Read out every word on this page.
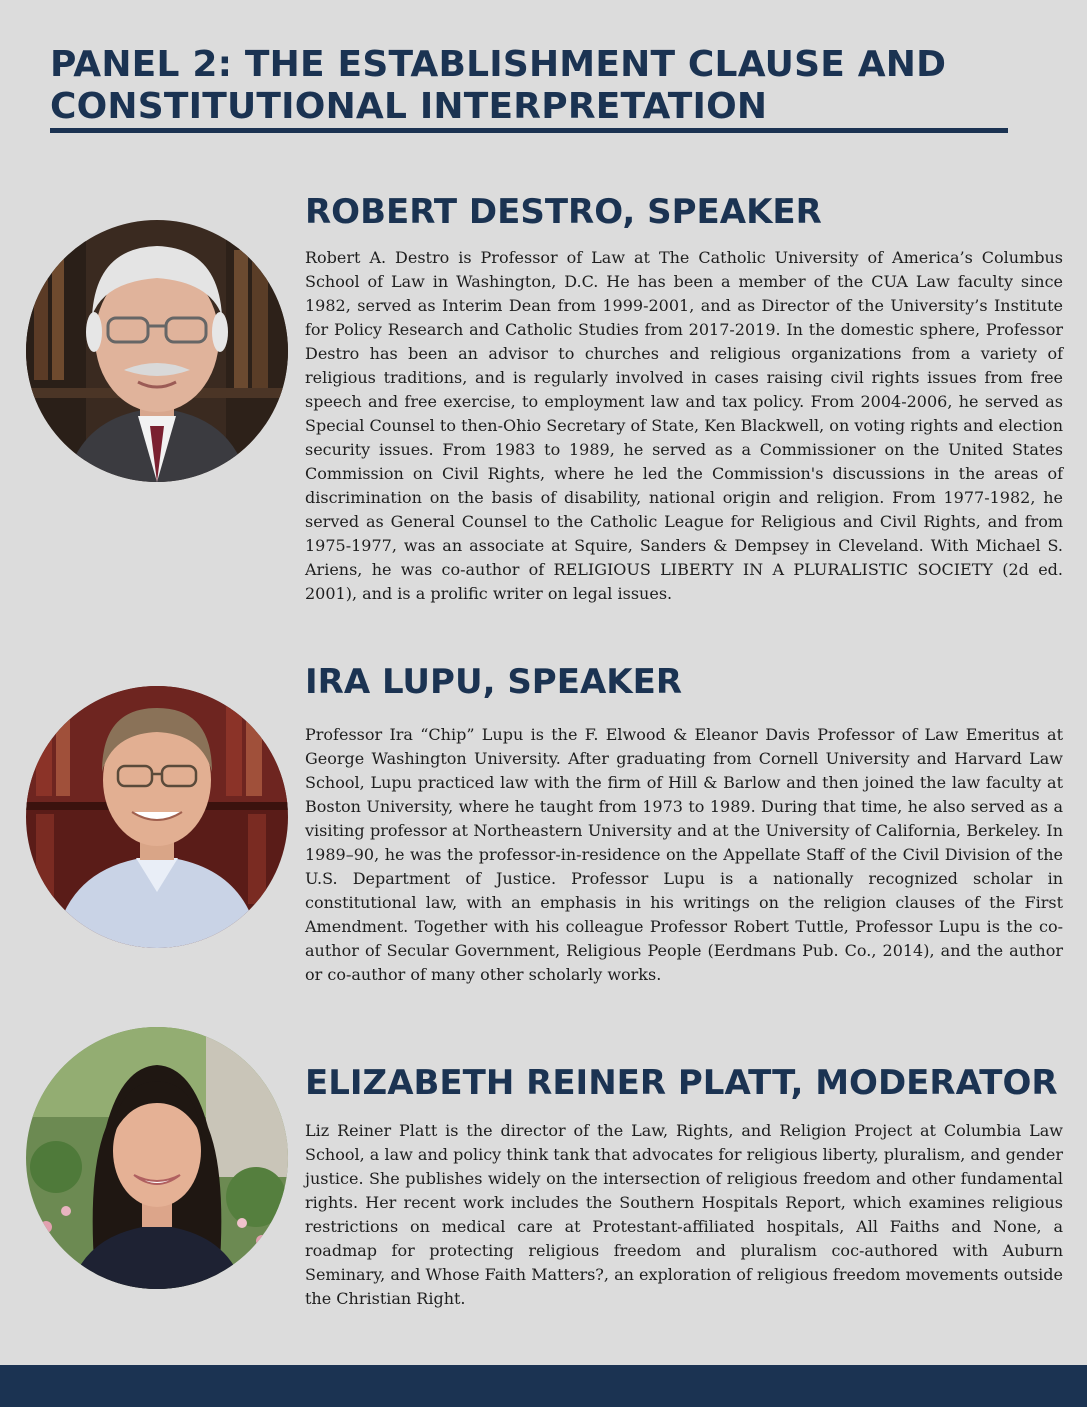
PANEL 2: THE ESTABLISHMENT CLAUSE AND CONSTITUTIONAL INTERPRETATION
ROBERT DESTRO, SPEAKER

Robert A. Destro is Professor of Law at The Catholic University of America’s Columbus School of Law in Washington, D.C. He has been a member of the CUA Law faculty since 1982, served as Interim Dean from 1999-2001, and as Director of the University’s Institute for Policy Research and Catholic Studies from 2017-2019. In the domestic sphere, Professor Destro has been an advisor to churches and religious organizations from a variety of religious traditions, and is regularly involved in cases raising civil rights issues from free speech and free exercise, to employment law and tax policy. From 2004-2006, he served as Special Counsel to then-Ohio Secretary of State, Ken Blackwell, on voting rights and election security issues. From 1983 to 1989, he served as a Commissioner on the United States Commission on Civil Rights, where he led the Commission's discussions in the areas of discrimination on the basis of disability, national origin and religion. From 1977-1982, he served as General Counsel to the Catholic League for Religious and Civil Rights, and from 1975-1977, was an associate at Squire, Sanders & Dempsey in Cleveland. With Michael S. Ariens, he was co-author of RELIGIOUS LIBERTY IN A PLURALISTIC SOCIETY (2d ed. 2001), and is a prolific writer on legal issues.

IRA LUPU, SPEAKER

Professor Ira “Chip” Lupu is the F. Elwood & Eleanor Davis Professor of Law Emeritus at George Washington University. After graduating from Cornell University and Harvard Law School, Lupu practiced law with the firm of Hill & Barlow and then joined the law faculty at Boston University, where he taught from 1973 to 1989. During that time, he also served as a visiting professor at Northeastern University and at the University of California, Berkeley. In 1989–90, he was the professor-in-residence on the Appellate Staff of the Civil Division of the U.S. Department of Justice. Professor Lupu is a nationally recognized scholar in constitutional law, with an emphasis in his writings on the religion clauses of the First Amendment. Together with his colleague Professor Robert Tuttle, Professor Lupu is the co-author of Secular Government, Religious People (Eerdmans Pub. Co., 2014), and the author or co-author of many other scholarly works.

ELIZABETH REINER PLATT, MODERATOR

Liz Reiner Platt is the director of the Law, Rights, and Religion Project at Columbia Law School, a law and policy think tank that advocates for religious liberty, pluralism, and gender justice. She publishes widely on the intersection of religious freedom and other fundamental rights. Her recent work includes the Southern Hospitals Report, which examines religious restrictions on medical care at Protestant-affiliated hospitals, All Faiths and None, a roadmap for protecting religious freedom and pluralism coc-authored with Auburn Seminary, and Whose Faith Matters?, an exploration of religious freedom movements outside the Christian Right.
